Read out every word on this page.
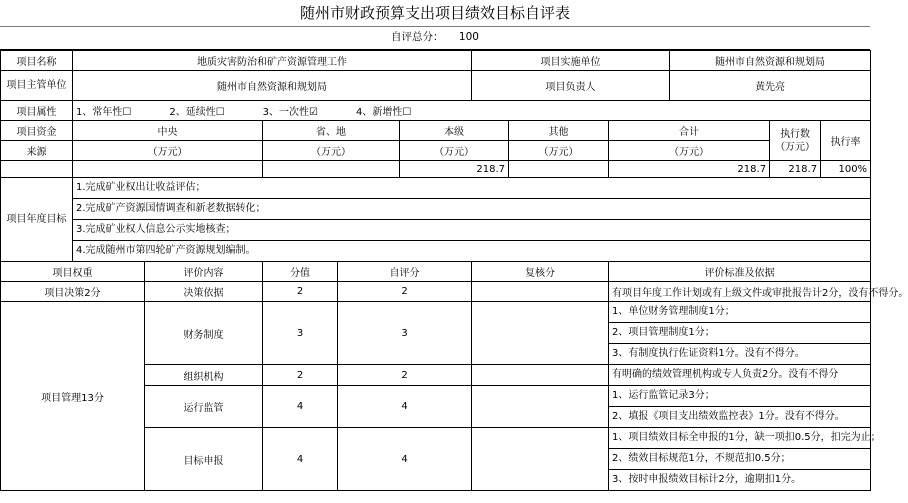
随州市财政预算支出项目绩效目标自评表
自评总分： 100
项目名称	地质灾害防治和矿产资源管理工作					项目实施单位			随州市自然资源和规划局		
项目主管单位	随州市自然资源和规划局					项目负责人			黄先亮		
项目属性	1、常年性☐ 2、延续性☐ 3、一次性☑ 4、新增性☐										
项目资金	中央		省、地		本级		其他	合计		执行数（万元）	执行率
来源	（万元）		（万元）		（万元）		（万元）	（万元）			
					218.7			218.7		218.7	100%
项目年度目标	1.完成矿业权出让收益评估；
2.完成矿产资源国情调查和新老数据转化；
3.完成矿业权人信息公示实地核查；
4.完成随州市第四轮矿产资源规划编制。										

项目权重		评价内容	分值	自评分		复核分		评价标准及依据			
项目决策2分		决策依据	2	2				有项目年度工作计划或有上级文件或审批报告计2分，没有不得分。			
项目管理13分		财务制度	3	3				1、单位财务管理制度1分；
2、项目管理制度1分；
3、有制度执行佐证资料1分。没有不得分。			

		组织机构	2	2				有明确的绩效管理机构或专人负责2分。没有不得分			

		运行监管	4	4				1、运行监管记录3分；
2、填报《项目支出绩效监控表》1分。没有不得分。			

		目标申报	4	4				1、项目绩效目标全申报的1分，缺一项扣0.5分，扣完为止；
2、绩效目标规范1分，不规范扣0.5分；
3、按时申报绩效目标计2分，逾期扣1分。			
